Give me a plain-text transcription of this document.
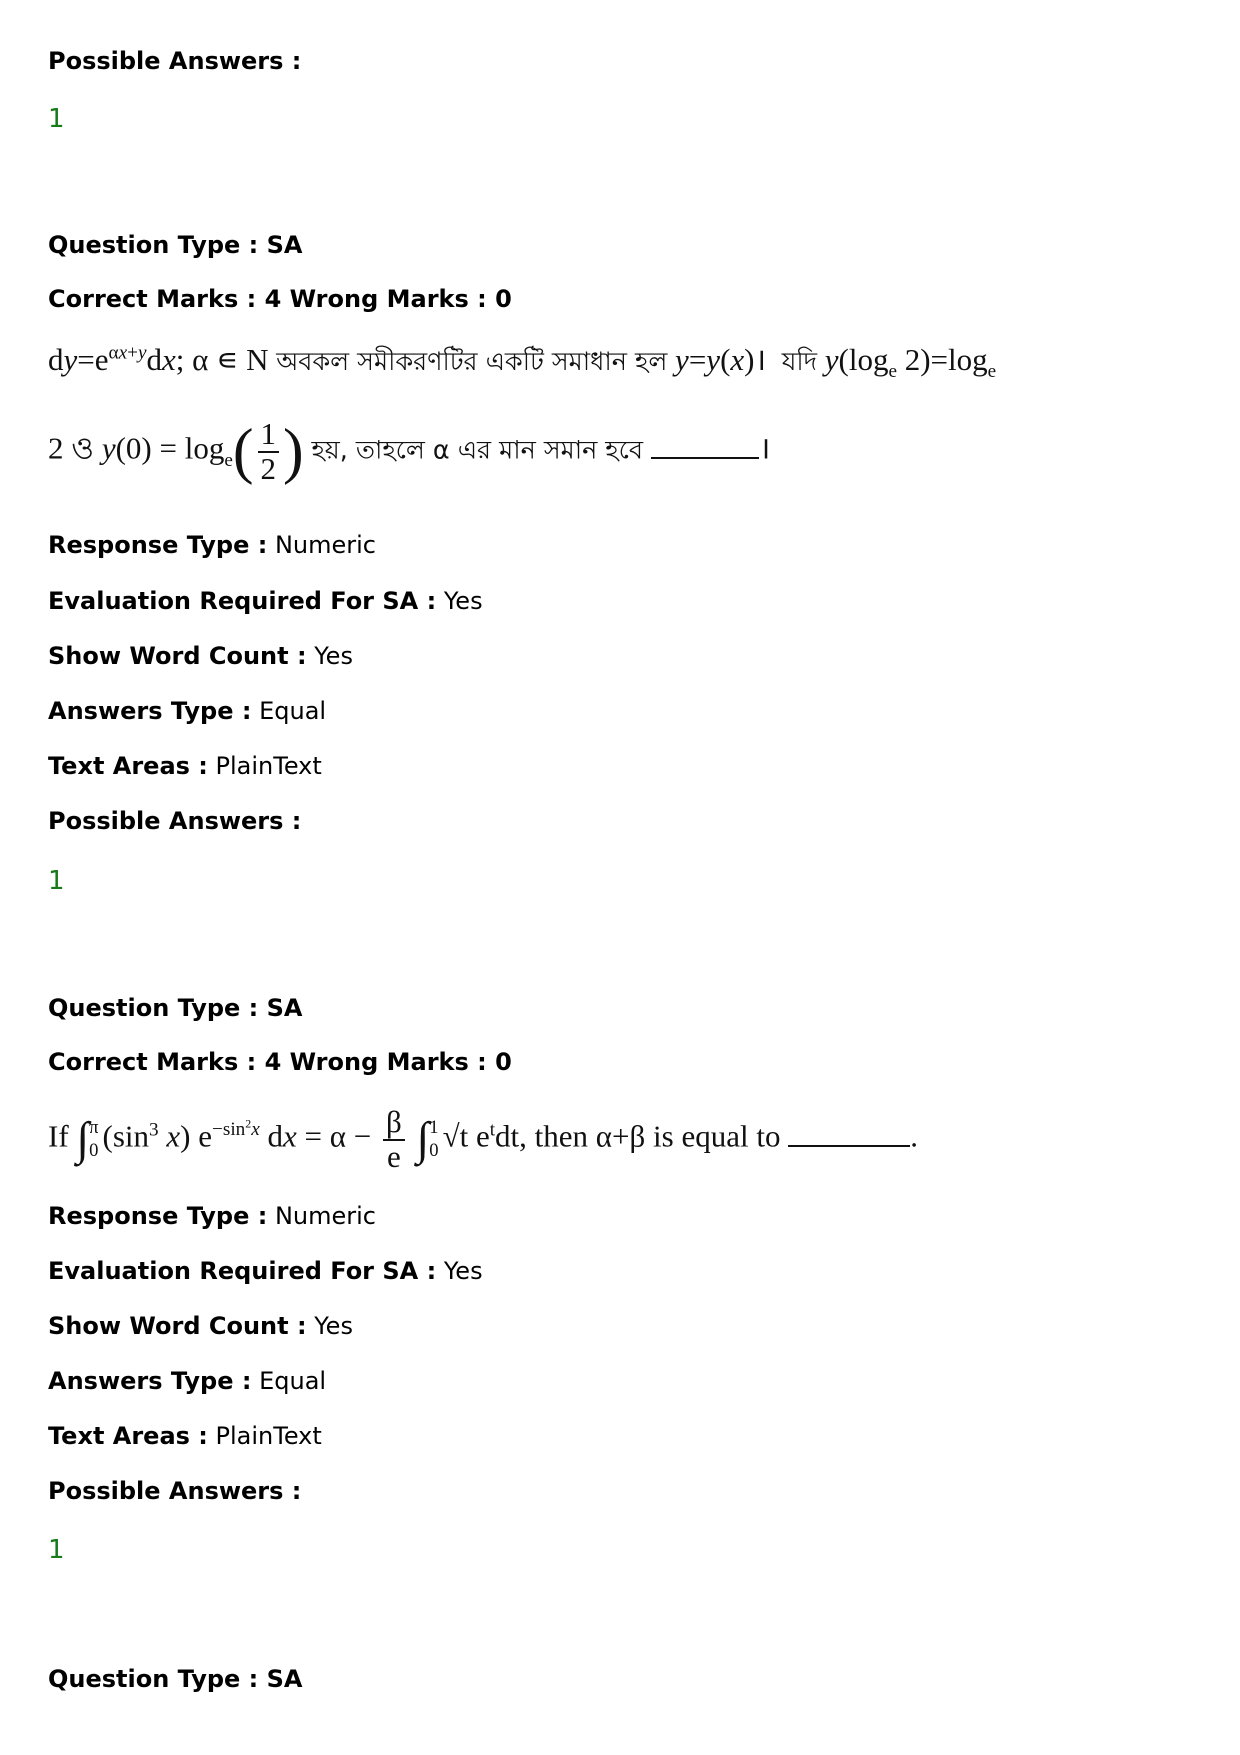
Possible Answers :
1
Question Type : SA
Correct Marks : 4 Wrong Marks : 0
$dy=e^{\alpha x+y}dx$; α ∊ N অবকল সমীকরণটির একটি সমাধান হল y=y(x)।  যদি $y(\log_e$ $2)=\log_e$
2 ও $y(0) = \log_e( \frac{1}{2}$ ) হয়, তাহলে α এর মান সমান হবে	।
Response Type : Numeric
Evaluation Required For SA : Yes
Show Word Count : Yes
Answers Type : Equal
Text Areas : PlainText
Possible Answers :
1
Question Type : SA
Correct Marks : 4 Wrong Marks : 0
If ∫ π
0 ($\sin^3$ x) $e^{-sin^2x}$ dx = $\alpha - \frac{\beta}{e}$ ∫ 1
0 √t $e^tdt$, then α+β is equal to	.
Response Type : Numeric
Evaluation Required For SA : Yes
Show Word Count : Yes
Answers Type : Equal
Text Areas : PlainText
Possible Answers :
1
Question Type : SA
